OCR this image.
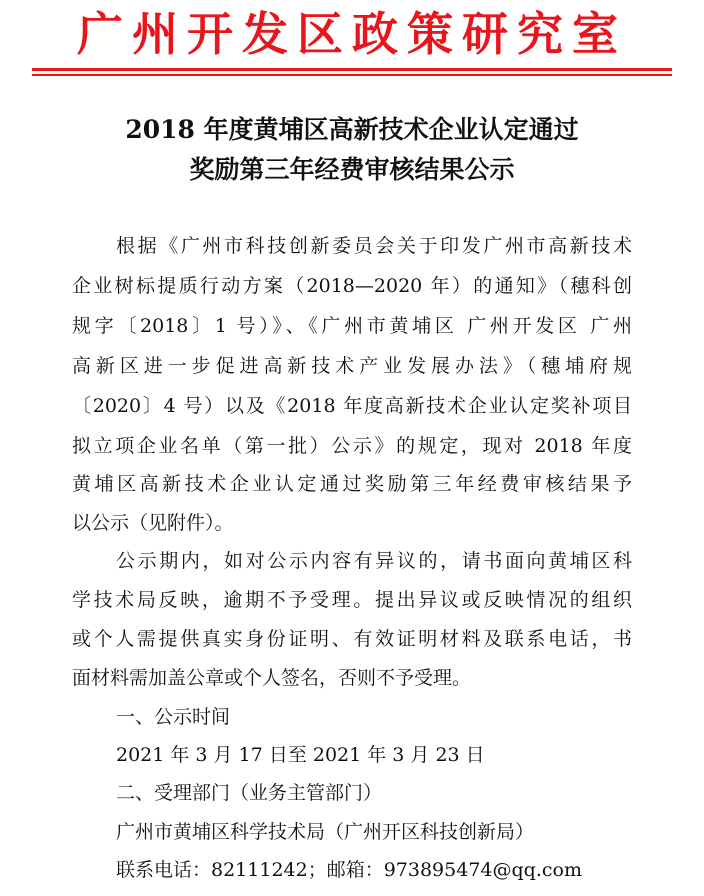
广州开发区政策研究室
2018 年度黄埔区高新技术企业认定通过
奖励第三年经费审核结果公示
根据《广州市科技创新委员会关于印发广州市高新技术
企业树标提质行动方案（2018—2020 年）的通知》（穗科创
规字〔2018〕1 号）》、《广州市黄埔区 广州开发区 广州
高新区进一步促进高新技术产业发展办法》（穗埔府规
〔2020〕4 号）以及《2018 年度高新技术企业认定奖补项目
拟立项企业名单（第一批）公示》的规定，现对 2018 年度
黄埔区高新技术企业认定通过奖励第三年经费审核结果予
以公示（见附件）。
公示期内，如对公示内容有异议的，请书面向黄埔区科
学技术局反映，逾期不予受理。提出异议或反映情况的组织
或个人需提供真实身份证明、有效证明材料及联系电话，书
面材料需加盖公章或个人签名，否则不予受理。
一、公示时间
2021 年 3 月 17 日至 2021 年 3 月 23 日
二、受理部门（业务主管部门）
广州市黄埔区科学技术局（广州开区科技创新局）
联系电话：82111242；邮箱：973895474@qq.com
